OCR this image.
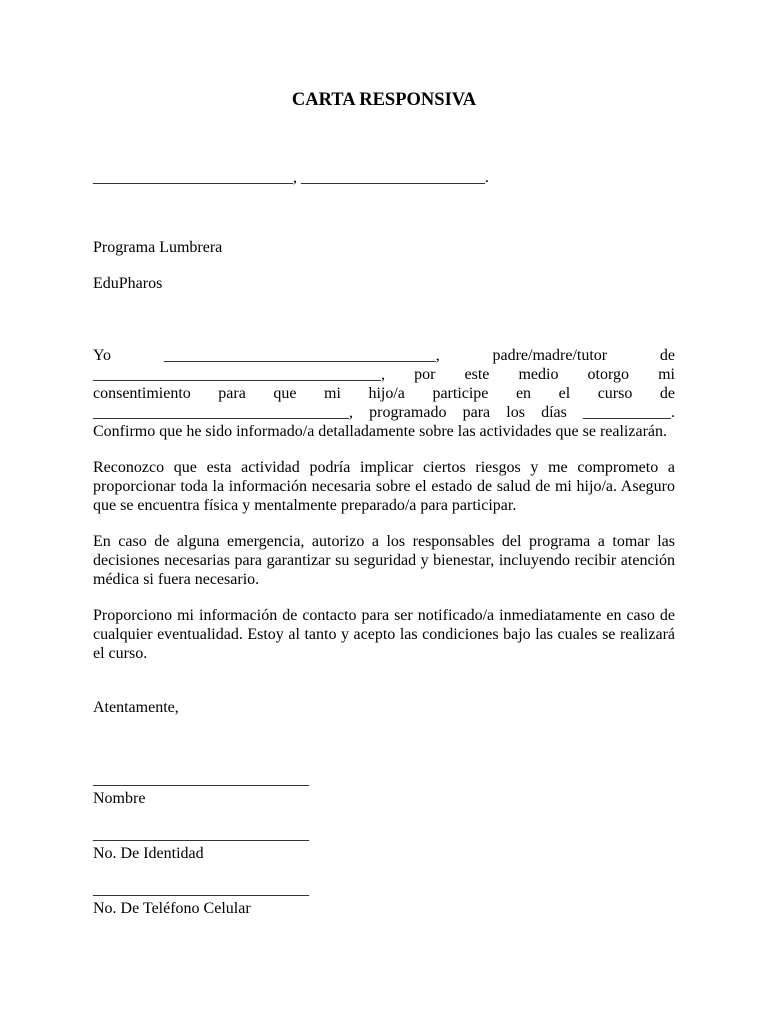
CARTA RESPONSIVA
_________________________, _______________________.
Programa Lumbrera
EduPharos

Yo __________________________________, padre/madre/tutor de
____________________________________, por este medio otorgo mi
consentimiento para que mi hijo/a participe en el curso de
________________________________, programado para los días ___________.
Confirmo que he sido informado/a detalladamente sobre las actividades que se realizarán.

Reconozco que esta actividad podría implicar ciertos riesgos y me comprometo a proporcionar toda la información necesaria sobre el estado de salud de mi hijo/a. Aseguro que se encuentra física y mentalmente preparado/a para participar.

En caso de alguna emergencia, autorizo a los responsables del programa a tomar las decisiones necesarias para garantizar su seguridad y bienestar, incluyendo recibir atención médica si fuera necesario.

Proporciono mi información de contacto para ser notificado/a inmediatamente en caso de cualquier eventualidad. Estoy al tanto y acepto las condiciones bajo las cuales se realizará el curso.

Atentamente,
___________________________
Nombre
___________________________
No. De Identidad
___________________________
No. De Teléfono Celular
